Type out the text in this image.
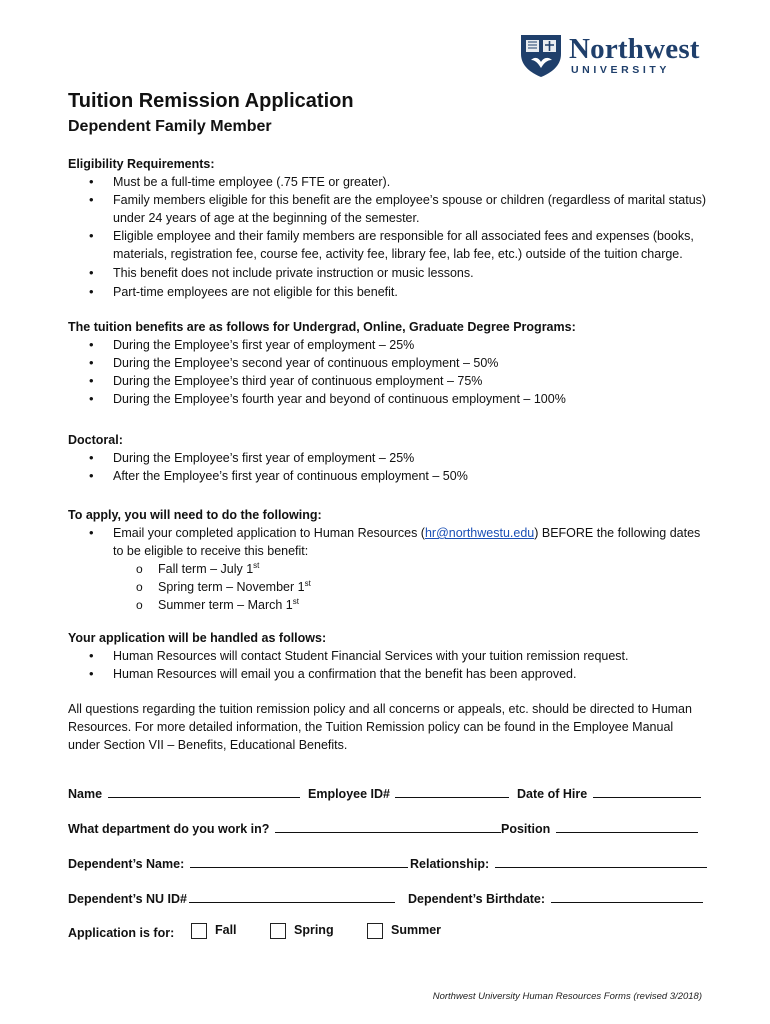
Northwest
UNIVERSITY
Tuition Remission Application
Dependent Family Member

Eligibility Requirements:

• Must be a full-time employee (.75 FTE or greater).
• Family members eligible for this benefit are the employee’s spouse or children (regardless of marital status) under 24 years of age at the beginning of the semester.
• Eligible employee and their family members are responsible for all associated fees and expenses (books, materials, registration fee, course fee, activity fee, library fee, lab fee, etc.) outside of the tuition charge.
• This benefit does not include private instruction or music lessons.
• Part-time employees are not eligible for this benefit.

The tuition benefits are as follows for Undergrad, Online, Graduate Degree Programs:

• During the Employee’s first year of employment – 25%
• During the Employee’s second year of continuous employment – 50%
• During the Employee’s third year of continuous employment – 75%
• During the Employee’s fourth year and beyond of continuous employment – 100%

Doctoral:

• During the Employee’s first year of employment – 25%
• After the Employee’s first year of continuous employment – 50%

To apply, you will need to do the following:

• Email your completed application to Human Resources (hr@northwestu.edu) BEFORE the following dates to be eligible to receive this benefit:
o Fall term – July 1st
o Spring term – November 1st
o Summer term – March 1st

Your application will be handled as follows:

• Human Resources will contact Student Financial Services with your tuition remission request.
• Human Resources will email you a confirmation that the benefit has been approved.

All questions regarding the tuition remission policy and all concerns or appeals, etc. should be directed to Human Resources. For more detailed information, the Tuition Remission policy can be found in the Employee Manual under Section VII – Benefits, Educational Benefits.

Name	Employee ID#	Date of Hire
What department do you work in?	Position
Dependent’s Name:	Relationship:
Dependent’s NU ID#	Dependent’s Birthdate:
Application is for:	Fall	Spring	Summer
Northwest University Human Resources Forms (revised 3/2018)
